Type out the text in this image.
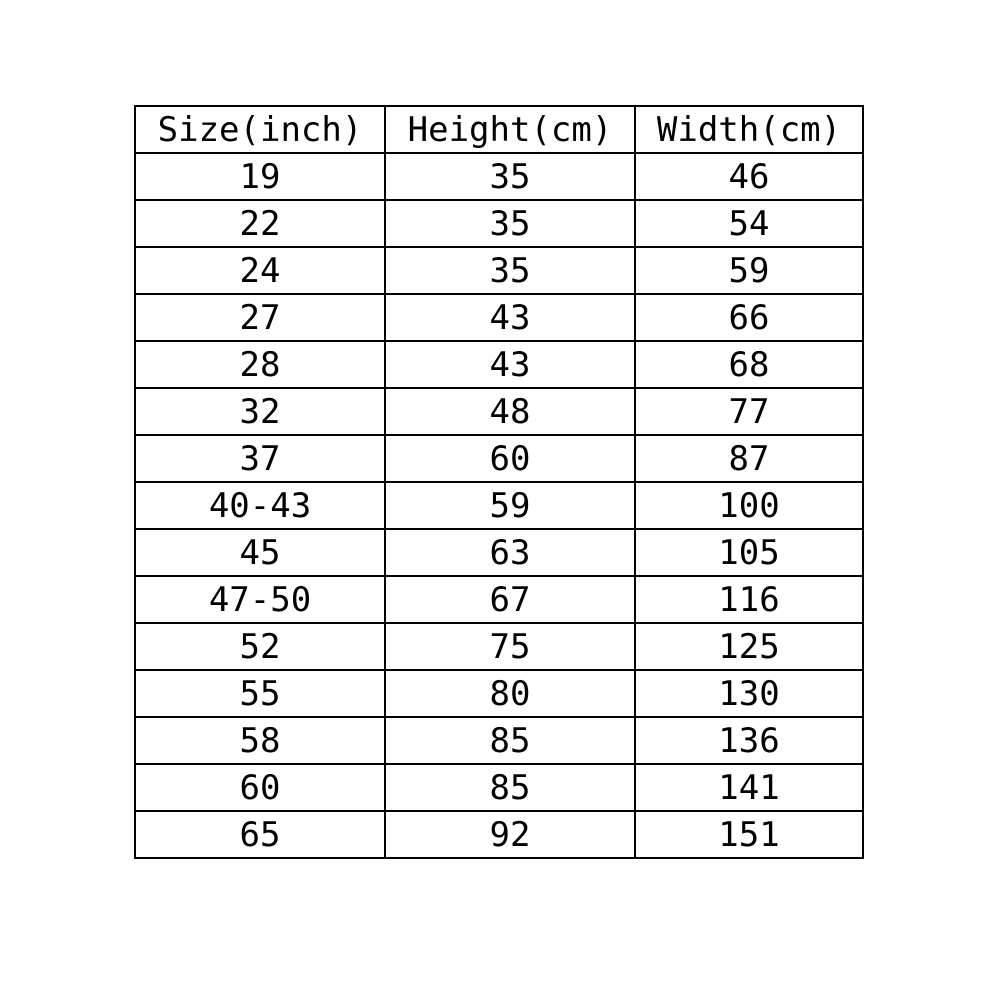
Size(inch)	Height(cm)	Width(cm)
19	35	46
22	35	54
24	35	59
27	43	66
28	43	68
32	48	77
37	60	87
40-43	59	100
45	63	105
47-50	67	116
52	75	125
55	80	130
58	85	136
60	85	141
65	92	151
